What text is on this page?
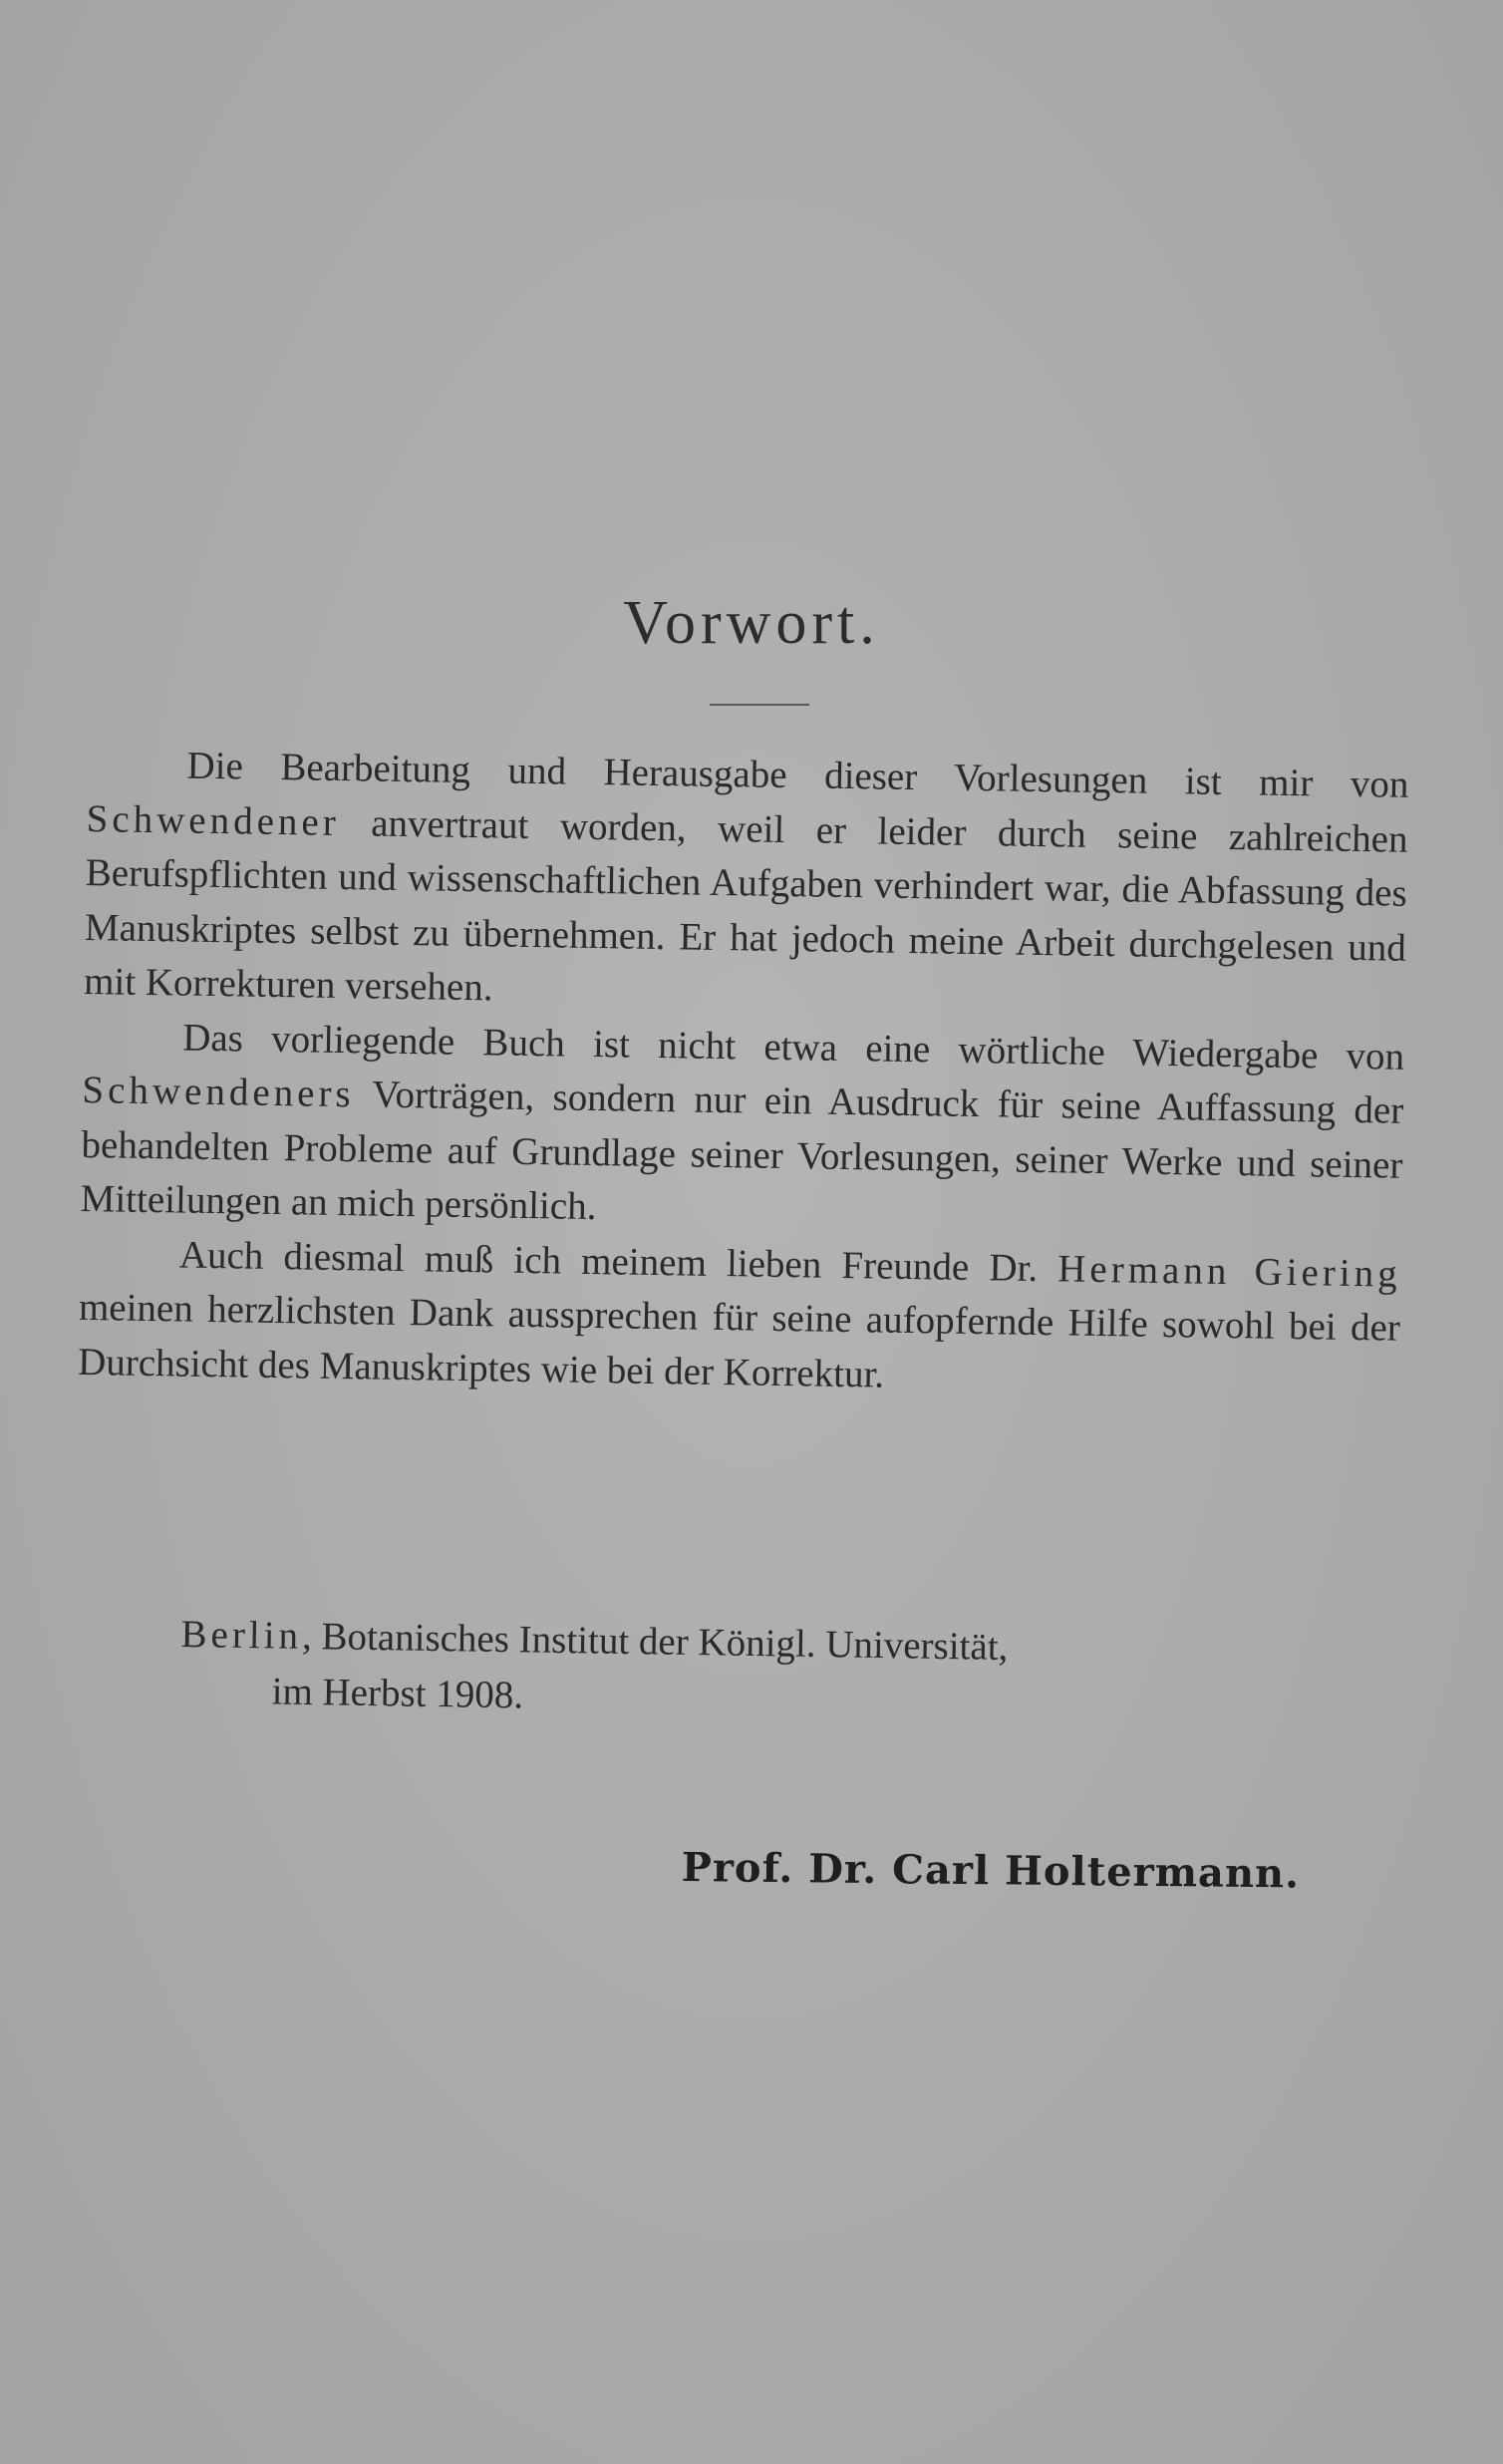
Vorwort.

Die Bearbeitung und Herausgabe dieser Vorlesungen ist mir von Schwendener anvertraut worden, weil er leider durch seine zahlreichen Berufspflichten und wissenschaftlichen Aufgaben verhindert war, die Abfassung des Manuskriptes selbst zu übernehmen. Er hat jedoch meine Arbeit durchgelesen und mit Korrekturen versehen.

Das vorliegende Buch ist nicht etwa eine wörtliche Wiedergabe von Schwendeners Vorträgen, sondern nur ein Ausdruck für seine Auffassung der behandelten Probleme auf Grundlage seiner Vorlesungen, seiner Werke und seiner Mitteilungen an mich persönlich.

Auch diesmal muß ich meinem lieben Freunde Dr. Hermann Giering meinen herzlichsten Dank aussprechen für seine aufopfernde Hilfe sowohl bei der Durchsicht des Manuskriptes wie bei der Korrektur.

Berlin, Botanisches Institut der Königl. Universität,
im Herbst 1908.
Prof. Dr. Carl Holtermann.
